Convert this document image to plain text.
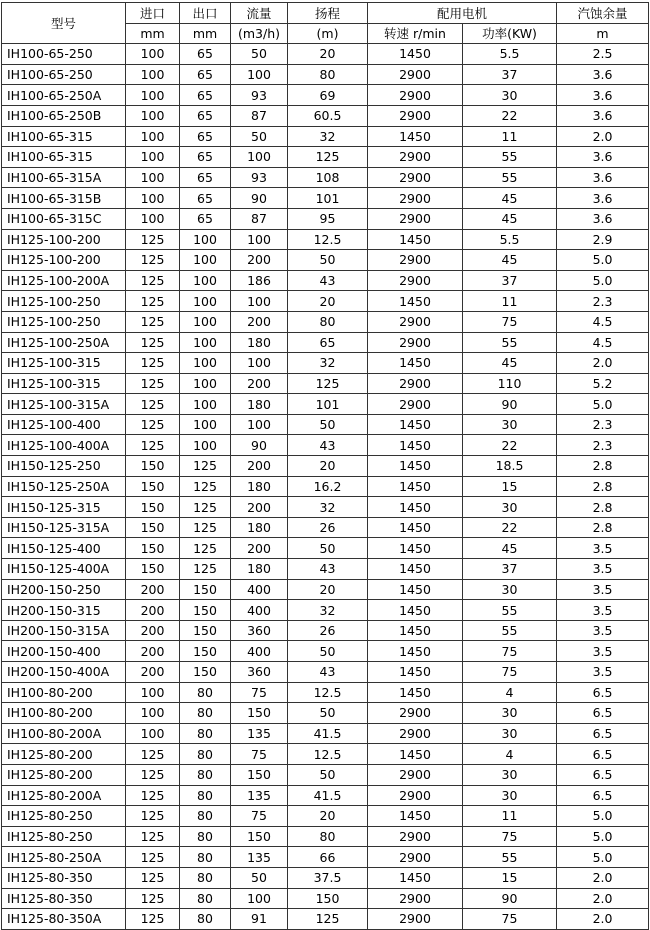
型号	进口	出口	流量	扬程	配用电机		汽蚀余量
	mm	mm	(m3/h)	(m)	转速 r/min	功率(KW)	m
IH100-65-250	100	65	50	20	1450	5.5	2.5
IH100-65-250	100	65	100	80	2900	37	3.6
IH100-65-250A	100	65	93	69	2900	30	3.6
IH100-65-250B	100	65	87	60.5	2900	22	3.6
IH100-65-315	100	65	50	32	1450	11	2.0
IH100-65-315	100	65	100	125	2900	55	3.6
IH100-65-315A	100	65	93	108	2900	55	3.6
IH100-65-315B	100	65	90	101	2900	45	3.6
IH100-65-315C	100	65	87	95	2900	45	3.6
IH125-100-200	125	100	100	12.5	1450	5.5	2.9
IH125-100-200	125	100	200	50	2900	45	5.0
IH125-100-200A	125	100	186	43	2900	37	5.0
IH125-100-250	125	100	100	20	1450	11	2.3
IH125-100-250	125	100	200	80	2900	75	4.5
IH125-100-250A	125	100	180	65	2900	55	4.5
IH125-100-315	125	100	100	32	1450	45	2.0
IH125-100-315	125	100	200	125	2900	110	5.2
IH125-100-315A	125	100	180	101	2900	90	5.0
IH125-100-400	125	100	100	50	1450	30	2.3
IH125-100-400A	125	100	90	43	1450	22	2.3
IH150-125-250	150	125	200	20	1450	18.5	2.8
IH150-125-250A	150	125	180	16.2	1450	15	2.8
IH150-125-315	150	125	200	32	1450	30	2.8
IH150-125-315A	150	125	180	26	1450	22	2.8
IH150-125-400	150	125	200	50	1450	45	3.5
IH150-125-400A	150	125	180	43	1450	37	3.5
IH200-150-250	200	150	400	20	1450	30	3.5
IH200-150-315	200	150	400	32	1450	55	3.5
IH200-150-315A	200	150	360	26	1450	55	3.5
IH200-150-400	200	150	400	50	1450	75	3.5
IH200-150-400A	200	150	360	43	1450	75	3.5
IH100-80-200	100	80	75	12.5	1450	4	6.5
IH100-80-200	100	80	150	50	2900	30	6.5
IH100-80-200A	100	80	135	41.5	2900	30	6.5
IH125-80-200	125	80	75	12.5	1450	4	6.5
IH125-80-200	125	80	150	50	2900	30	6.5
IH125-80-200A	125	80	135	41.5	2900	30	6.5
IH125-80-250	125	80	75	20	1450	11	5.0
IH125-80-250	125	80	150	80	2900	75	5.0
IH125-80-250A	125	80	135	66	2900	55	5.0
IH125-80-350	125	80	50	37.5	1450	15	2.0
IH125-80-350	125	80	100	150	2900	90	2.0
IH125-80-350A	125	80	91	125	2900	75	2.0
